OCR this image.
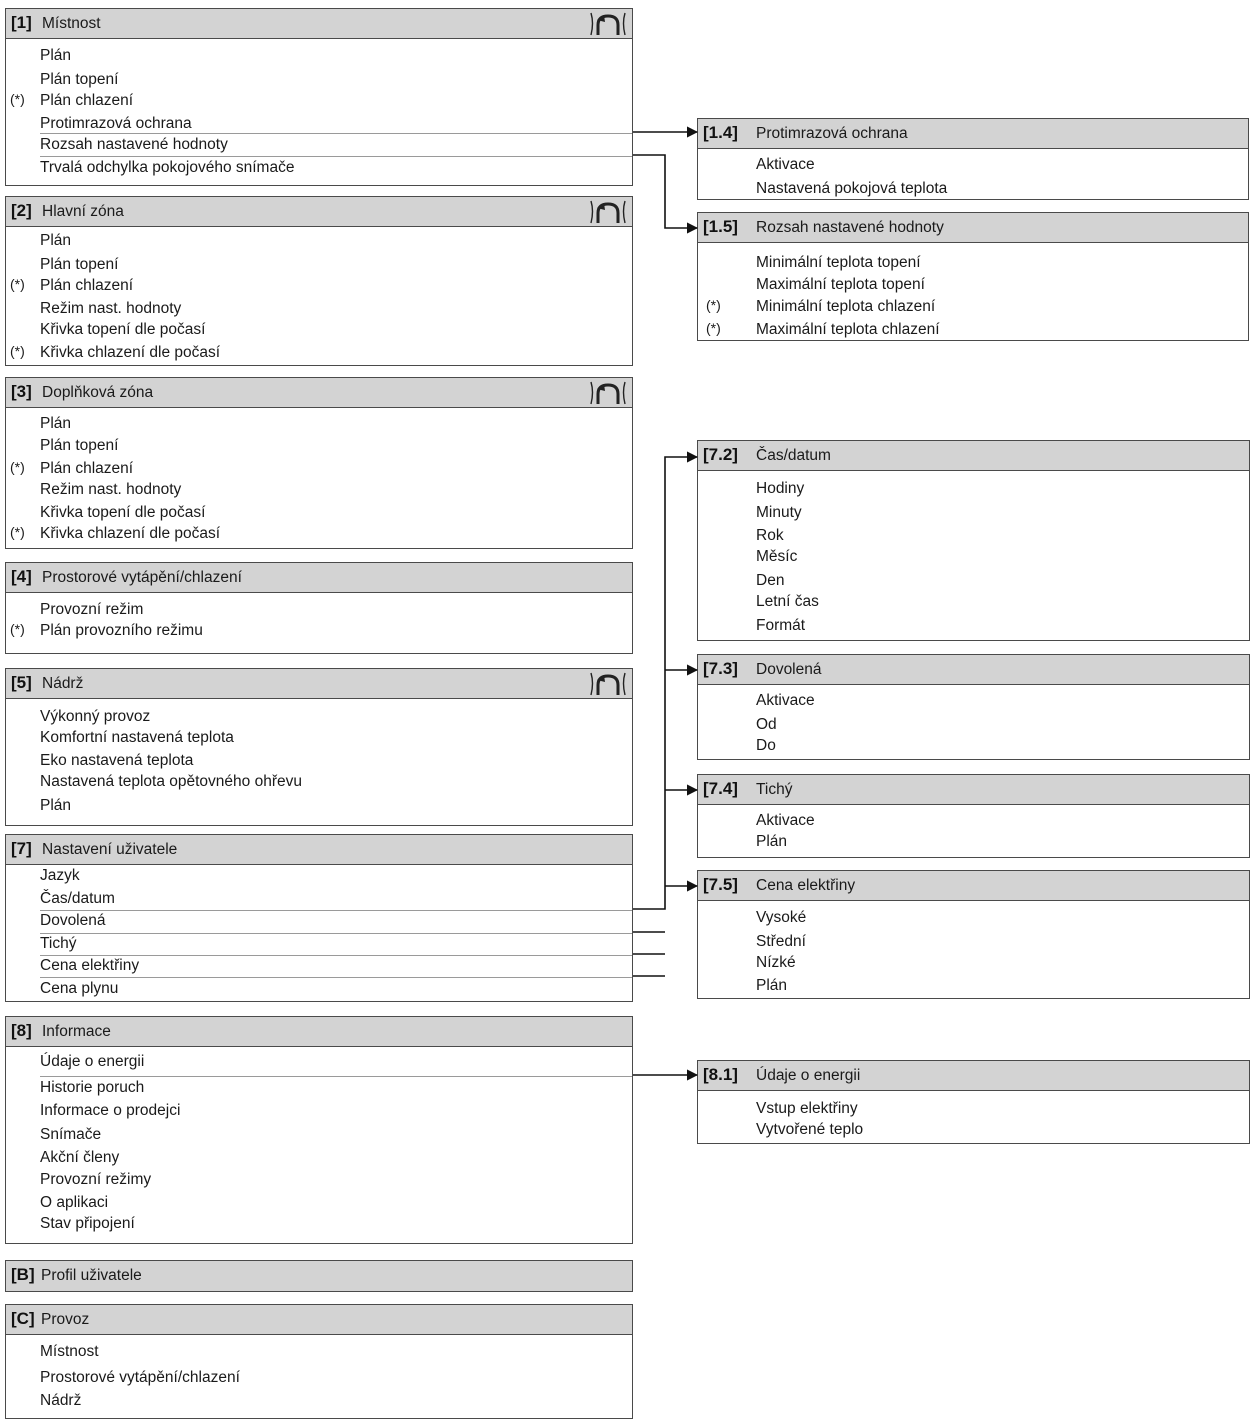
[1] Místnost
Plán
Plán topení
Plán chlazení
(*)
Protimrazová ochrana
Rozsah nastavené hodnoty
Trvalá odchylka pokojového snímače
[2] Hlavní zóna
Plán
Plán topení
Plán chlazení
(*)
Režim nast. hodnoty
Křivka topení dle počasí
Křivka chlazení dle počasí
(*)
[3] Doplňková zóna
Plán
Plán topení
Plán chlazení
(*)
Režim nast. hodnoty
Křivka topení dle počasí
Křivka chlazení dle počasí
(*)
[4] Prostorové vytápění/chlazení
Provozní režim
Plán provozního režimu
(*)
[5] Nádrž
Výkonný provoz
Komfortní nastavená teplota
Eko nastavená teplota
Nastavená teplota opětovného ohřevu
Plán
[7] Nastavení uživatele
Jazyk
Čas/datum
Dovolená
Tichý
Cena elektřiny
Cena plynu
[8] Informace
Údaje o energii
Historie poruch
Informace o prodejci
Snímače
Akční členy
Provozní režimy
O aplikaci
Stav připojení
[B] Profil uživatele
[C] Provoz
Místnost
Prostorové vytápění/chlazení
Nádrž
[1.4] Protimrazová ochrana
Aktivace
Nastavená pokojová teplota
[1.5] Rozsah nastavené hodnoty
Minimální teplota topení
Maximální teplota topení
Minimální teplota chlazení
(*)
Maximální teplota chlazení
(*)
[7.2] Čas/datum
Hodiny
Minuty
Rok
Měsíc
Den
Letní čas
Formát
[7.3] Dovolená
Aktivace
Od
Do
[7.4] Tichý
Aktivace
Plán
[7.5] Cena elektřiny
Vysoké
Střední
Nízké
Plán
[8.1] Údaje o energii
Vstup elektřiny
Vytvořené teplo
